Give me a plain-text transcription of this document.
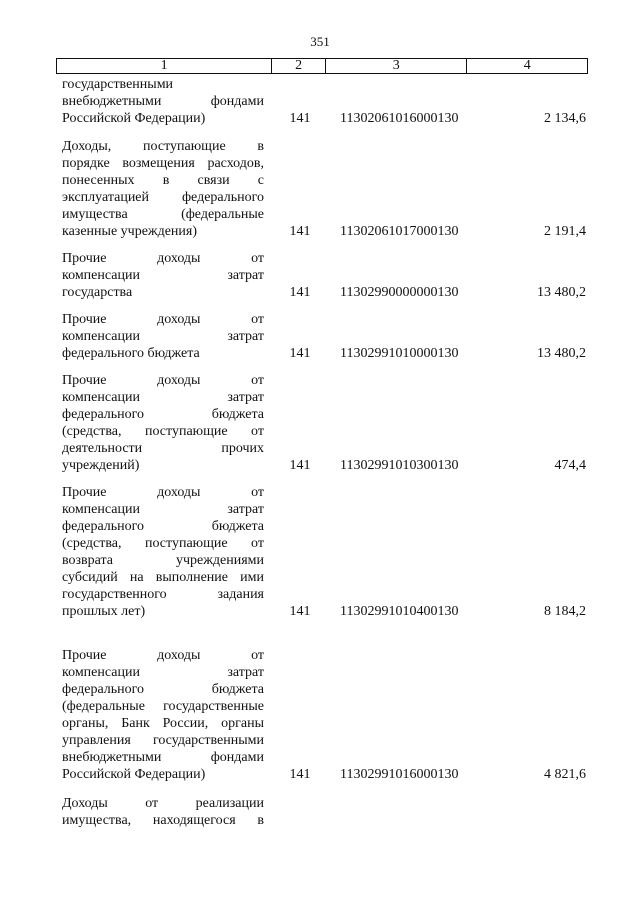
351
1	2	3	4
государственными
внебюджетными фондами
Российской Федерации)	141 11302061016000130	2 134,6
Доходы, поступающие в
порядке возмещения расходов,
понесенных в связи с
эксплуатацией федерального
имущества (федеральные
казенные учреждения)	141 11302061017000130	2 191,4
Прочие доходы от
компенсации затрат
государства	141 11302990000000130	13 480,2
Прочие доходы от
компенсации затрат
федерального бюджета	141 11302991010000130	13 480,2
Прочие доходы от
компенсации затрат
федерального бюджета
(средства, поступающие от
деятельности прочих
учреждений)	141 11302991010300130	474,4
Прочие доходы от
компенсации затрат
федерального бюджета
(средства, поступающие от
возврата учреждениями
субсидий на выполнение ими
государственного задания
прошлых лет)	141 11302991010400130	8 184,2
Прочие доходы от
компенсации затрат
федерального бюджета
(федеральные государственные
органы, Банк России, органы
управления государственными
внебюджетными фондами
Российской Федерации)	141 11302991016000130	4 821,6
Доходы от реализации
имущества, находящегося в
